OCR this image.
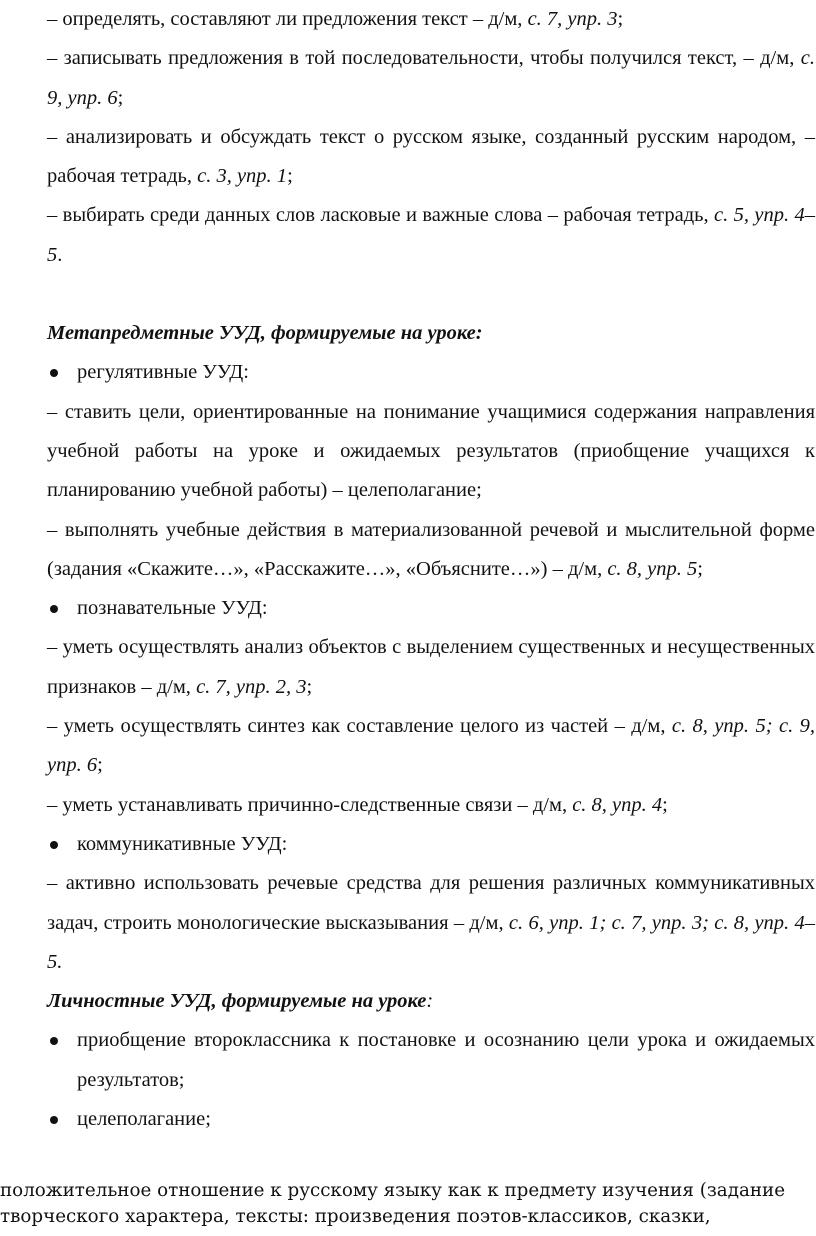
– определять, составляют ли предложения текст – д/м, с. 7, упр. 3;

– записывать предложения в той последовательности, чтобы получился текст, – д/м, с. 9, упр. 6;

– анализировать и обсуждать текст о русском языке, созданный русским народом, – рабочая тетрадь, с. 3, упр. 1;

– выбирать среди данных слов ласковые и важные слова – рабочая тетрадь, с. 5, упр. 4–5.

Метапредметные УУД, формируемые на уроке:

регулятивные УУД:

– ставить цели, ориентированные на понимание учащимися содержания направления учебной работы на уроке и ожидаемых результатов (приобщение учащихся к планированию учебной работы) – целеполагание;

– выполнять учебные действия в материализованной речевой и мыслительной форме (задания «Скажите…», «Расскажите…», «Объясните…») – д/м, с. 8, упр. 5;

познавательные УУД:

– уметь осуществлять анализ объектов с выделением существенных и несущественных признаков – д/м, с. 7, упр. 2, 3;

– уметь осуществлять синтез как составление целого из частей – д/м, с. 8, упр. 5; с. 9, упр. 6;

– уметь устанавливать причинно-следственные связи – д/м, с. 8, упр. 4;

коммуникативные УУД:

– активно использовать речевые средства для решения различных коммуникативных задач, строить монологические высказывания – д/м, с. 6, упр. 1; с. 7, упр. 3; с. 8, упр. 4–5.

Личностные УУД, формируемые на уроке:

приобщение второклассника к постановке и осознанию цели урока и ожидаемых результатов;

целеполагание;

положительное отношение к русскому языку как к предмету изучения (задание
творческого характера, тексты: произведения поэтов-классиков, сказки,
